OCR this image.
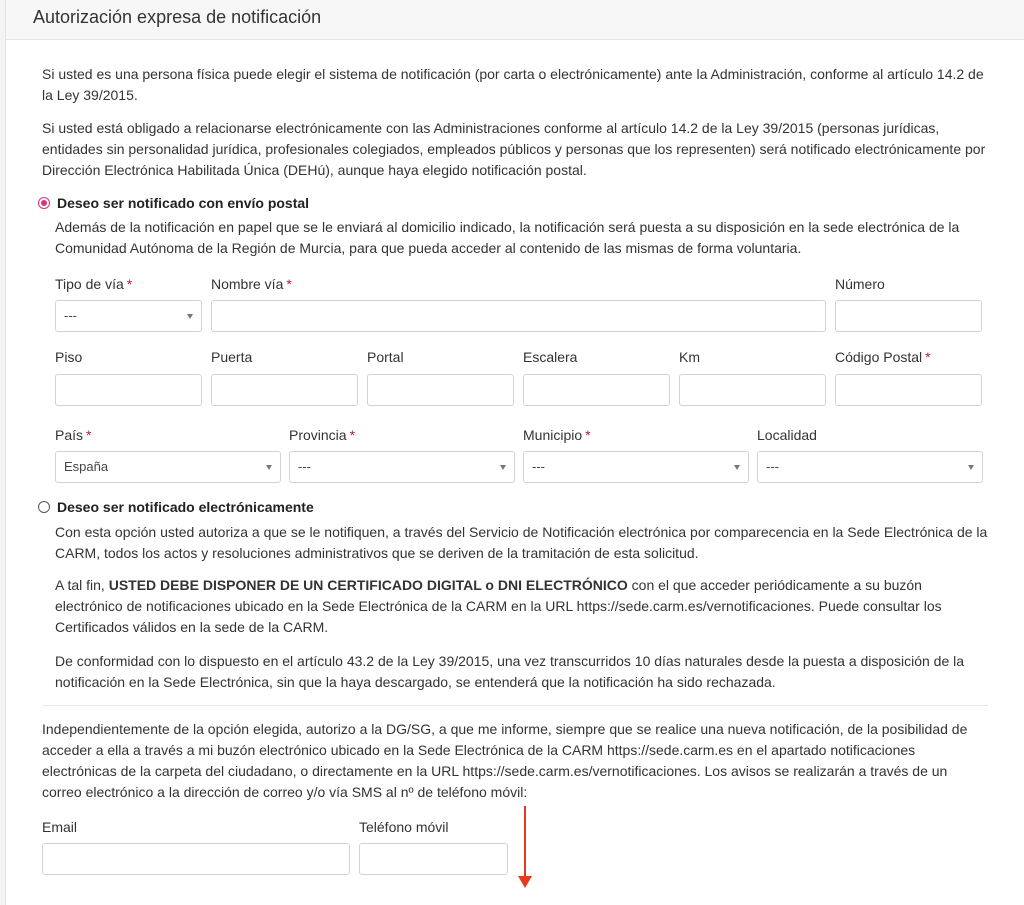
Autorización expresa de notificación

Si usted es una persona física puede elegir el sistema de notificación (por carta o electrónicamente) ante la Administración, conforme al artículo 14.2 de la Ley 39/2015.

Si usted está obligado a relacionarse electrónicamente con las Administraciones conforme al artículo 14.2 de la Ley 39/2015 (personas jurídicas, entidades sin personalidad jurídica, profesionales colegiados, empleados públicos y personas que los representen) será notificado electrónicamente por Dirección Electrónica Habilitada Única (DEHú), aunque haya elegido notificación postal.

Deseo ser notificado con envío postal

Además de la notificación en papel que se le enviará al domicilio indicado, la notificación será puesta a su disposición en la sede electrónica de la Comunidad Autónoma de la Región de Murcia, para que pueda acceder al contenido de las mismas de forma voluntaria.

Tipo de vía *	Nombre vía *	Número
---
Piso	Puerta	Portal	Escalera	Km	Código Postal *
País *	Provincia *	Municipio *	Localidad
España	---	---	---
Deseo ser notificado electrónicamente

Con esta opción usted autoriza a que se le notifiquen, a través del Servicio de Notificación electrónica por comparecencia en la Sede Electrónica de la CARM, todos los actos y resoluciones administrativos que se deriven de la tramitación de esta solicitud.

A tal fin, USTED DEBE DISPONER DE UN CERTIFICADO DIGITAL o DNI ELECTRÓNICO con el que acceder periódicamente a su buzón electrónico de notificaciones ubicado en la Sede Electrónica de la CARM en la URL https://sede.carm.es/vernotificaciones. Puede consultar los Certificados válidos en la sede de la CARM.

De conformidad con lo dispuesto en el artículo 43.2 de la Ley 39/2015, una vez transcurridos 10 días naturales desde la puesta a disposición de la notificación en la Sede Electrónica, sin que la haya descargado, se entenderá que la notificación ha sido rechazada.

Independientemente de la opción elegida, autorizo a la DG/SG, a que me informe, siempre que se realice una nueva notificación, de la posibilidad de acceder a ella a través a mi buzón electrónico ubicado en la Sede Electrónica de la CARM https://sede.carm.es en el apartado notificaciones electrónicas de la carpeta del ciudadano, o directamente en la URL https://sede.carm.es/vernotificaciones. Los avisos se realizarán a través de un correo electrónico a la dirección de correo y/o vía SMS al nº de teléfono móvil:

Email	Teléfono móvil
